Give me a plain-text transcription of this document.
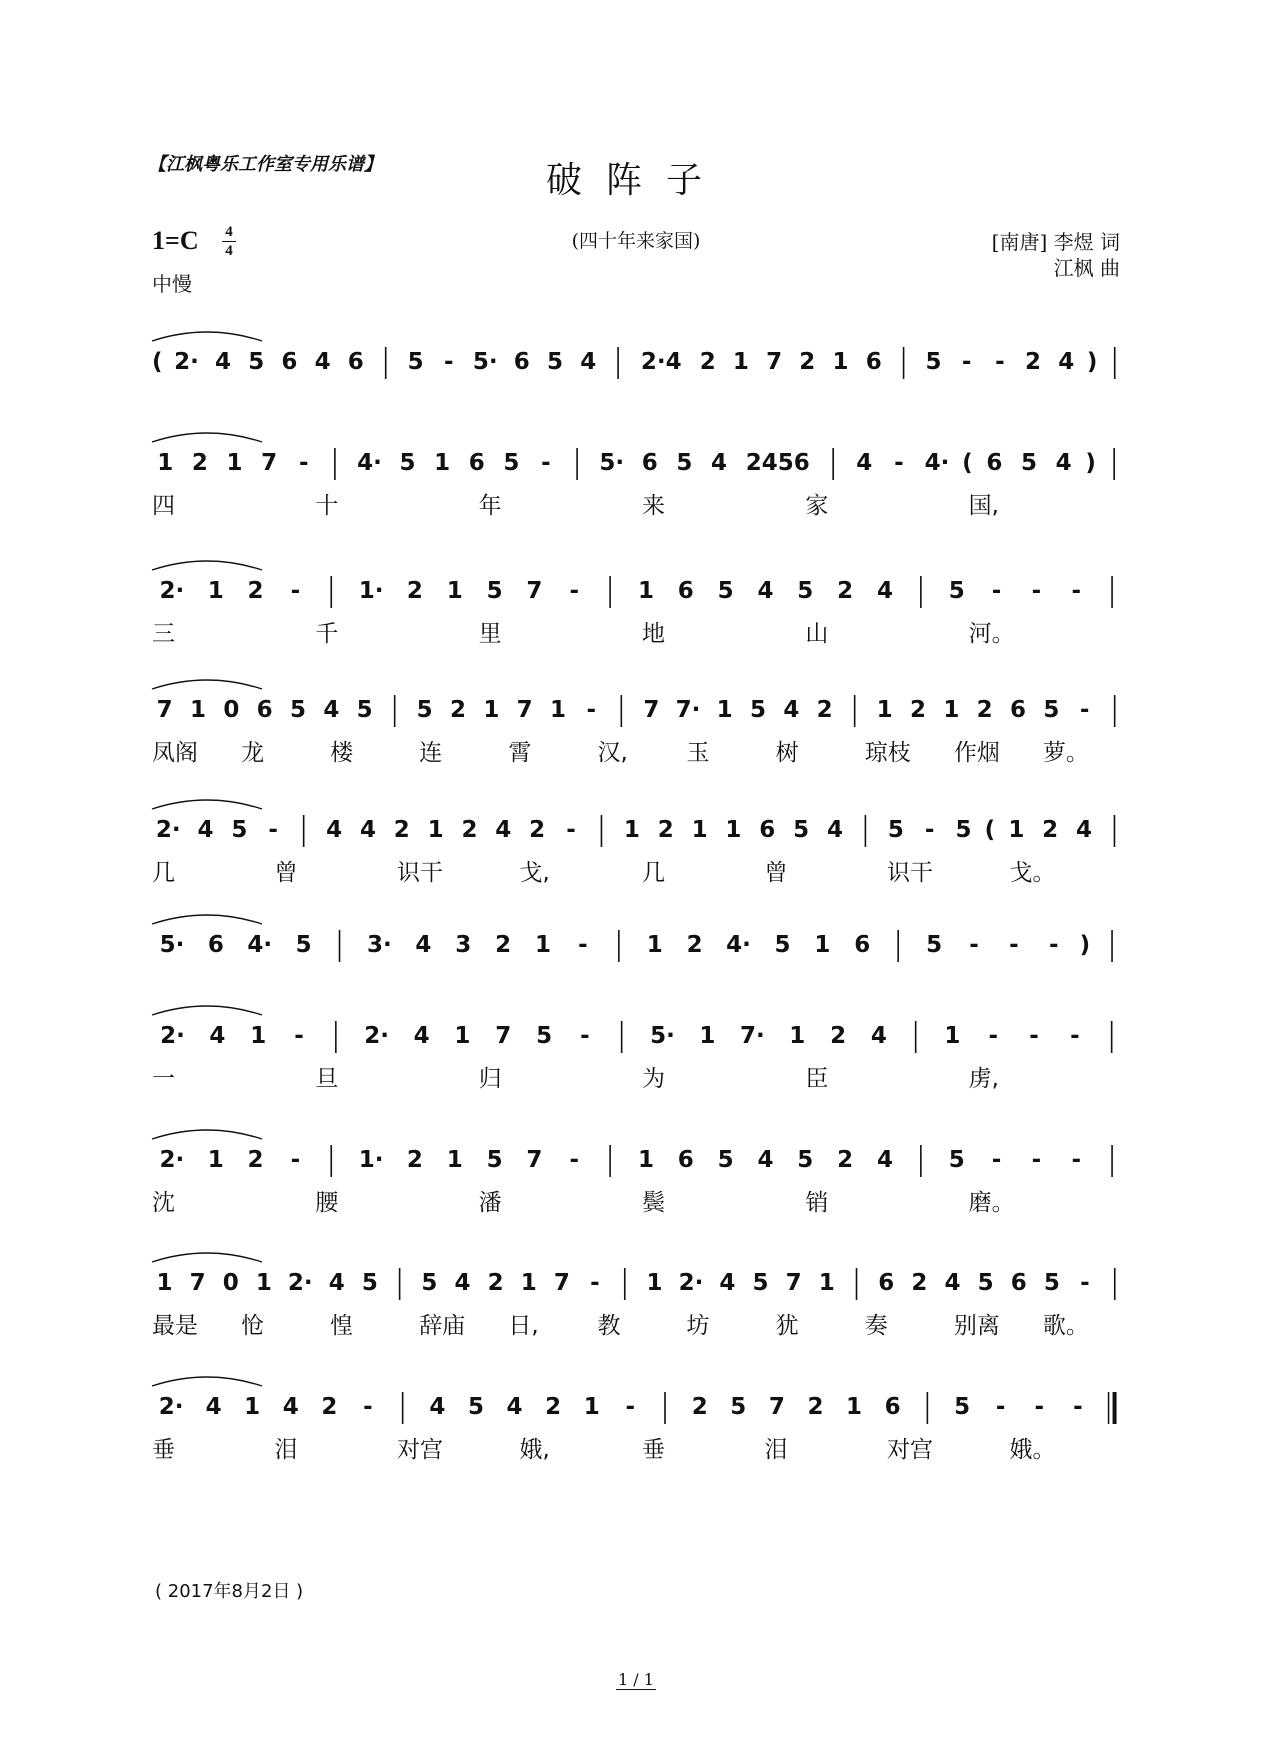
【江枫粤乐工作室专用乐谱】	破阵子
(四十年来家国)
1=C 4
4
中慢
[南唐] 李煜 词
江枫 曲
( 2· 4 5 6 4 6 5 - 5· 6 5 4 2·4 2 1 7 2 1 6 5 - - 2 4 )
1 2 1 7 - 4· 5 1 6 5 - 5· 6 5 4 2456 4 - 4· ( 6 5 4 )
四	十	年	来	家	国,
2· 1 2 -	1· 2 1 5 7 -	1 6 5 4 5 2 4 5 - - -
三	千	里	地	山	河。
7 1 0 6 5 4 5 5 2 1 7 1 - 7 7· 1 5 4 2 1 2 1 2 6 5 -
凤阁 龙	楼	连	霄	汉,	玉	树	琼枝 作烟 萝。
2· 4 5 - 4 4 2 1 2 4 2 - 1 2 1 1 6 5 4 5 - 5 ( 1 2 4
几	曾	识干	戈,	几	曾	识干	戈。
5· 6 4· 5 3· 4 3 2 1 -	1 2 4· 5 1 6 5 - - - )
2· 4 1 -	2· 4 1 7 5 -	5· 1 7· 1 2 4 1 - - -
一	旦	归	为	臣	虏,
2· 1 2 -	1· 2 1 5 7 -	1 6 5 4 5 2 4 5 - - -
沈	腰	潘	鬓	销	磨。
1 7 0 1 2· 4 5 5 4 2 1 7 - 1 2· 4 5 7 1 6 2 4 5 6 5 -
最是 怆	惶	辞庙 日,	教	坊	犹	奏	别离 歌。
2· 4 1 4 2 - 4 5 4 2 1 - 2 5 7 2 1 6 5 - - -
垂	泪	对宫	娥,	垂	泪	对宫	娥。
( 2017年8月2日 )
1 / 1
